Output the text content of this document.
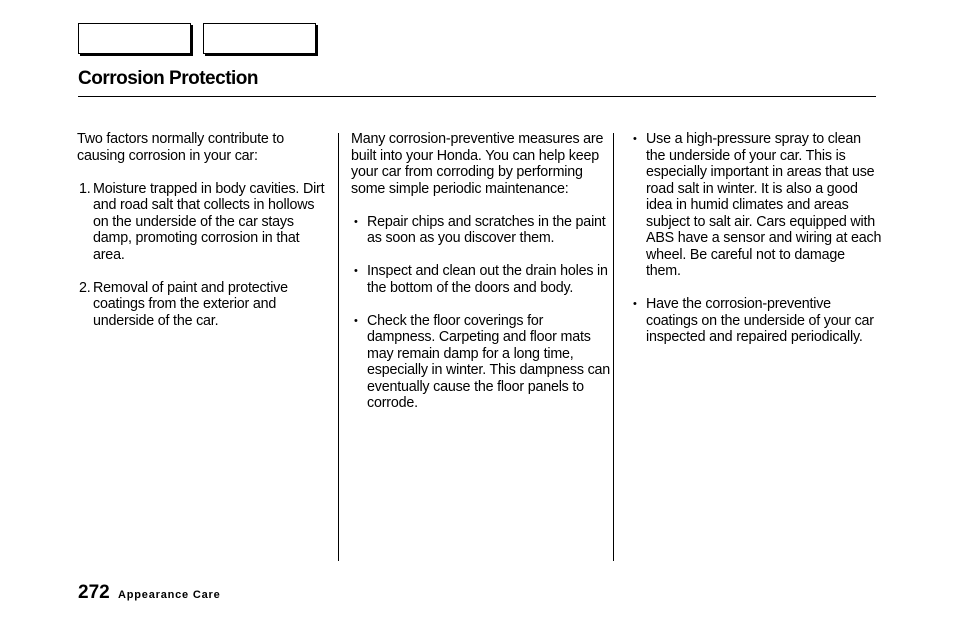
Corrosion Protection

Two factors normally contribute to causing corrosion in your car:

1. Moisture trapped in body cavities. Dirt and road salt that collects in hollows on the underside of the car stays damp, promoting corrosion in that area.

2. Removal of paint and protective coatings from the exterior and underside of the car.

Many corrosion-preventive measures are built into your Honda. You can help keep your car from corroding by performing some simple periodic maintenance:

• Repair chips and scratches in the paint as soon as you discover them.

• Inspect and clean out the drain holes in the bottom of the doors and body.

• Check the floor coverings for dampness. Carpeting and floor mats may remain damp for a long time, especially in winter. This dampness can eventually cause the floor panels to corrode.

• Use a high-pressure spray to clean the underside of your car. This is especially important in areas that use road salt in winter. It is also a good idea in humid climates and areas subject to salt air. Cars equipped with ABS have a sensor and wiring at each wheel. Be careful not to damage them.

• Have the corrosion-preventive coatings on the underside of your car inspected and repaired periodically.

272 Appearance Care
